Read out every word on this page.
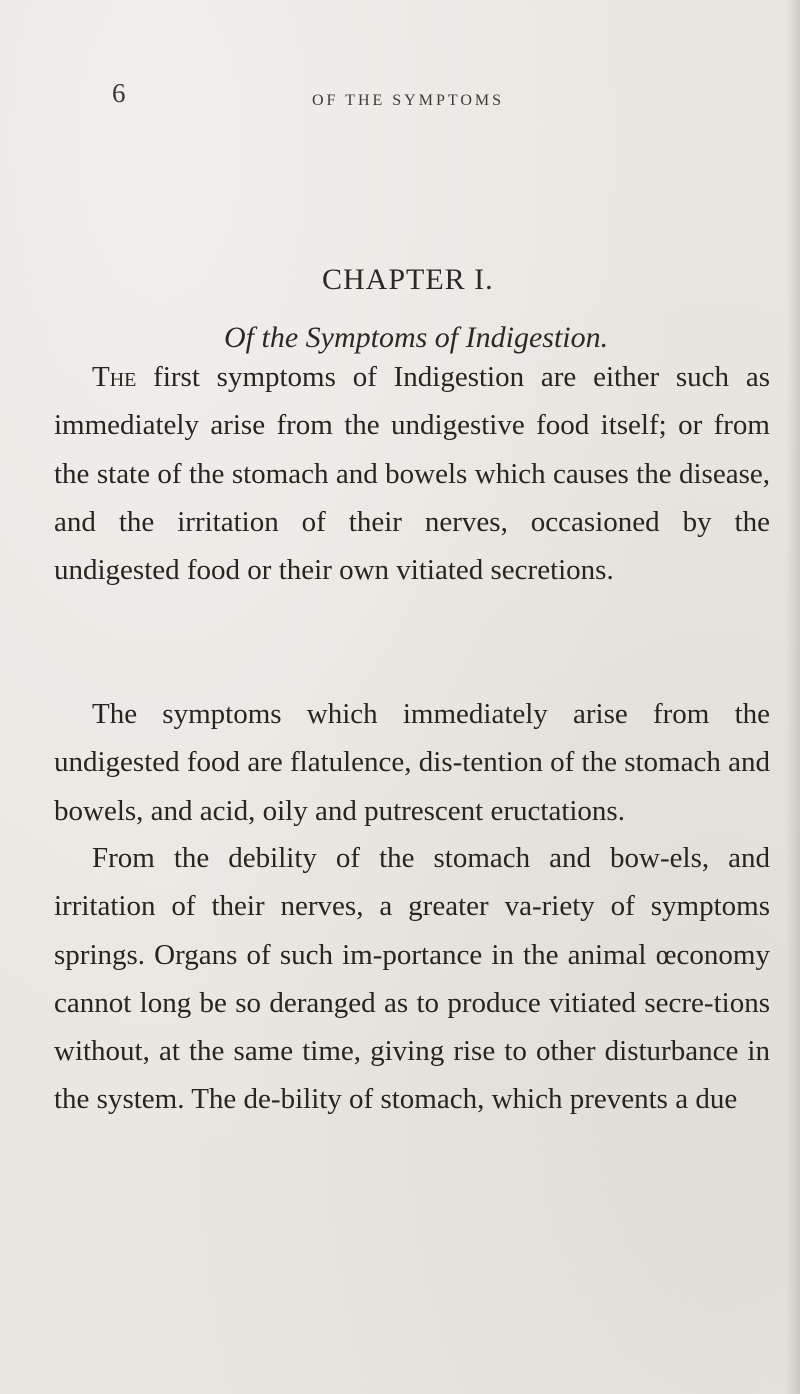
6	OF THE SYMPTOMS
CHAPTER I.
Of the Symptoms of Indigestion.

The first symptoms of Indigestion are either such as immediately arise from the undigestive food itself; or from the state of the stomach and bowels which causes the disease, and the irritation of their nerves, occasioned by the undigested food or their own vitiated secretions.

The symptoms which immediately arise from the undigested food are flatulence, dis-tention of the stomach and bowels, and acid, oily and putrescent eructations.

From the debility of the stomach and bow-els, and irritation of their nerves, a greater va-riety of symptoms springs. Organs of such im-portance in the animal œconomy cannot long be so deranged as to produce vitiated secre-tions without, at the same time, giving rise to other disturbance in the system. The de-bility of stomach, which prevents a due
